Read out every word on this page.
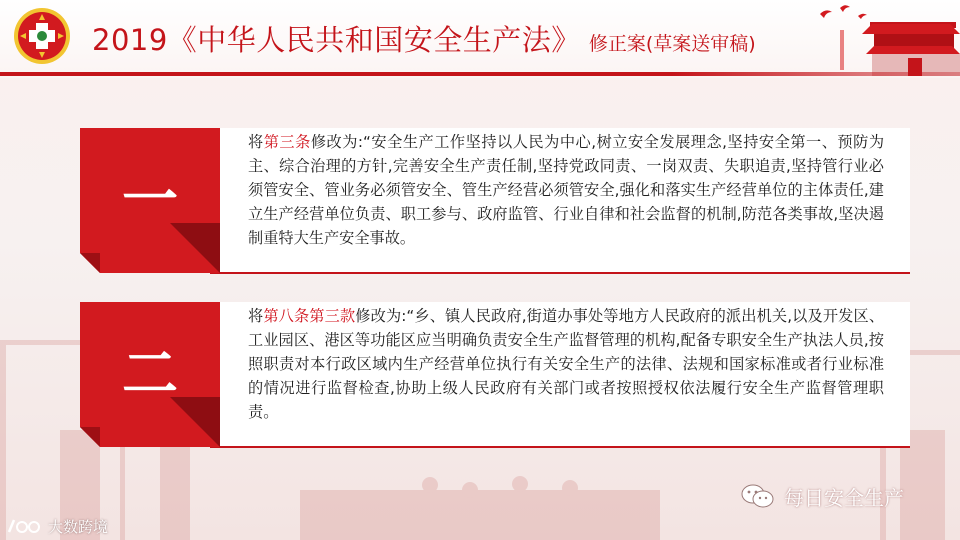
2019《中华人民共和国安全生产法》 修正案(草案送审稿)
一
将第三条修改为:“安全生产工作坚持以人民为中心,树立安全发展理念,坚持安全第一、预防为主、综合治理的方针,完善安全生产责任制,坚持党政同责、一岗双责、失职追责,坚持管行业必须管安全、管业务必须管安全、管生产经营必须管安全,强化和落实生产经营单位的主体责任,建立生产经营单位负责、职工参与、政府监管、行业自律和社会监督的机制,防范各类事故,坚决遏制重特大生产安全事故。
二
将第八条第三款修改为:“乡、镇人民政府,街道办事处等地方人民政府的派出机关,以及开发区、工业园区、港区等功能区应当明确负责安全生产监督管理的机构,配备专职安全生产执法人员,按照职责对本行政区域内生产经营单位执行有关安全生产的法律、法规和国家标准或者行业标准的情况进行监督检查,协助上级人民政府有关部门或者按照授权依法履行安全生产监督管理职责。
每日安全生产
大数跨境
